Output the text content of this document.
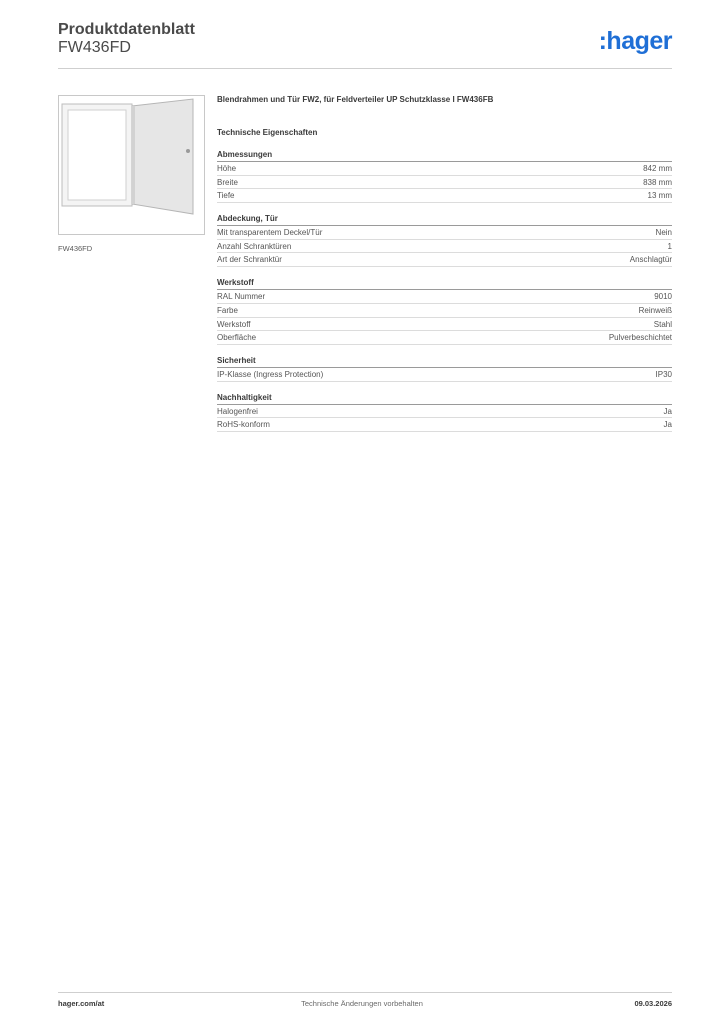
Produktdatenblatt
FW436FD	:hager
FW436FD
Blendrahmen und Tür FW2, für Feldverteiler UP Schutzklasse I FW436FB
Technische Eigenschaften
Abmessungen
Höhe	842 mm
Breite	838 mm
Tiefe	13 mm
Abdeckung, Tür
Mit transparentem Deckel/Tür	Nein
Anzahl Schranktüren	1
Art der Schranktür	Anschlagtür
Werkstoff
RAL Nummer	9010
Farbe	Reinweiß
Werkstoff	Stahl
Oberfläche	Pulverbeschichtet
Sicherheit
IP-Klasse (Ingress Protection)	IP30
Nachhaltigkeit
Halogenfrei	Ja
RoHS-konform	Ja
hager.com/at	Technische Änderungen vorbehalten	09.03.2026
